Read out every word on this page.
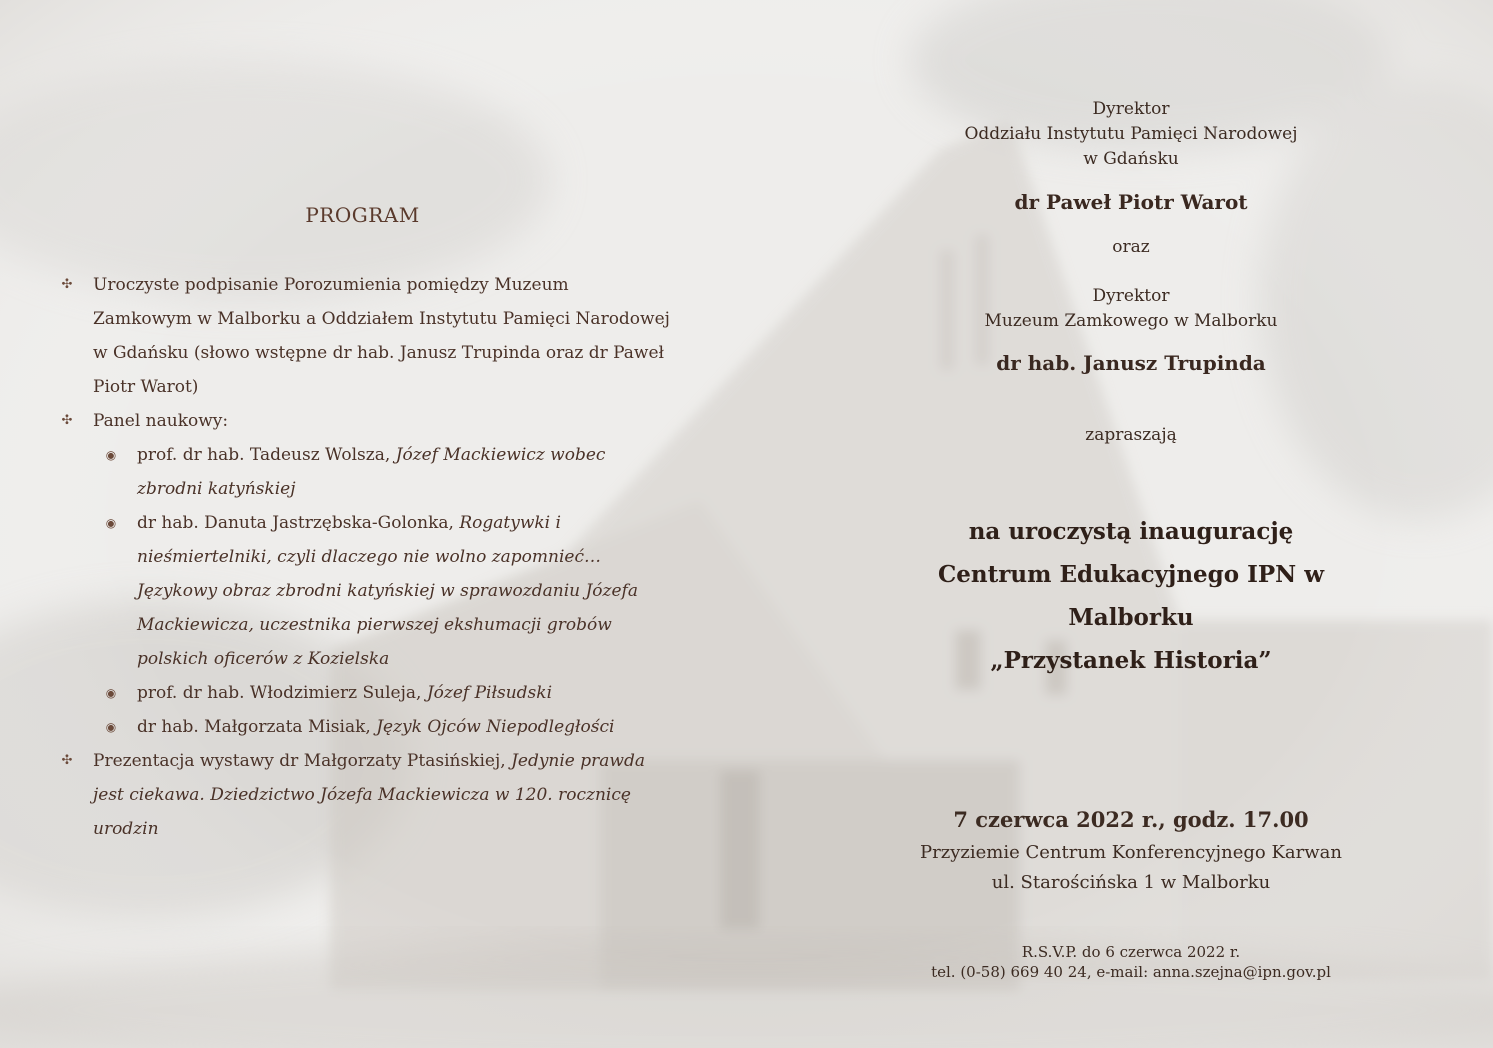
PROGRAM
✣ Uroczyste podpisanie Porozumienia pomiędzy Muzeum Zamkowym w Malborku a Oddziałem Instytutu Pamięci Narodowej w Gdańsku (słowo wstępne dr hab. Janusz Trupinda oraz dr Paweł Piotr Warot)
✣ Panel naukowy:
◉ prof. dr hab. Tadeusz Wolsza, Józef Mackiewicz wobec zbrodni katyńskiej
◉ dr hab. Danuta Jastrzębska-Golonka, Rogatywki i nieśmiertelniki, czyli dlaczego nie wolno zapomnieć… Językowy obraz zbrodni katyńskiej w sprawozdaniu Józefa Mackiewicza, uczestnika pierwszej ekshumacji grobów polskich oficerów z Kozielska
◉ prof. dr hab. Włodzimierz Suleja, Józef Piłsudski
◉ dr hab. Małgorzata Misiak, Język Ojców Niepodległości
✣ Prezentacja wystawy dr Małgorzaty Ptasińskiej, Jedynie prawda jest ciekawa. Dziedzictwo Józefa Mackiewicza w 120. rocznicę urodzin
Dyrektor
Oddziału Instytutu Pamięci Narodowej
w Gdańsku
dr Paweł Piotr Warot
oraz
Dyrektor
Muzeum Zamkowego w Malborku
dr hab. Janusz Trupinda
zapraszają
na uroczystą inaugurację
Centrum Edukacyjnego IPN w Malborku
„Przystanek Historia”
7 czerwca 2022 r., godz. 17.00
Przyziemie Centrum Konferencyjnego Karwan
ul. Starościńska 1 w Malborku
R.S.V.P. do 6 czerwca 2022 r.
tel. (0-58) 669 40 24, e-mail: anna.szejna@ipn.gov.pl
